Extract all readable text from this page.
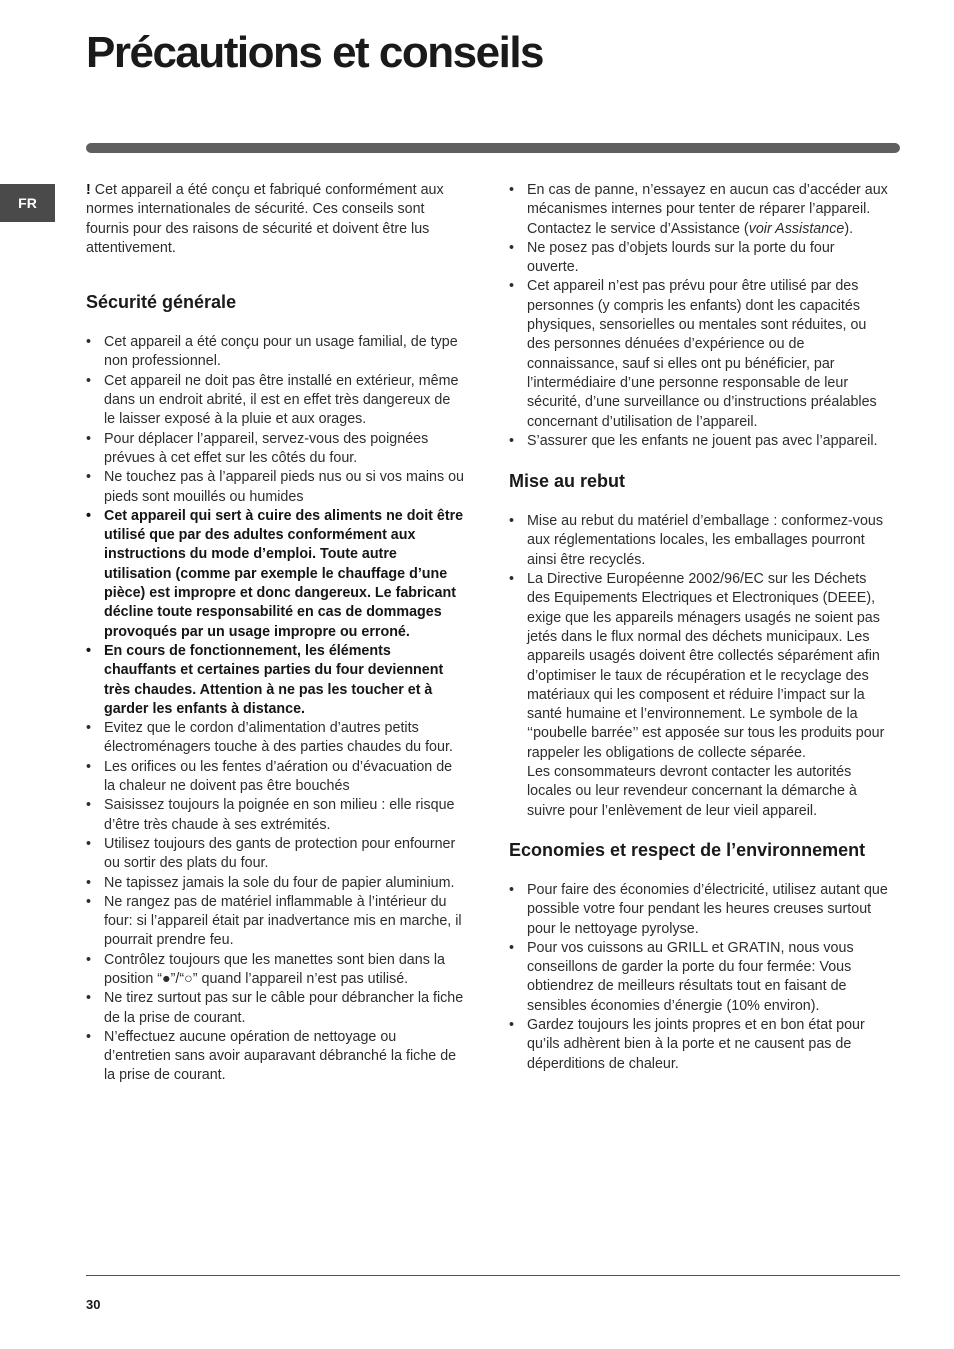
Précautions et conseils
FR

! Cet appareil a été conçu et fabriqué conformément aux normes internationales de sécurité. Ces conseils sont fournis pour des raisons de sécurité et doivent être lus attentivement.

Sécurité générale
• Cet appareil a été conçu pour un usage familial, de type non professionnel.
• Cet appareil ne doit pas être installé en extérieur, même dans un endroit abrité, il est en effet très dangereux de le laisser exposé à la pluie et aux orages.
• Pour déplacer l’appareil, servez-vous des poignées prévues à cet effet sur les côtés du four.
• Ne touchez pas à l’appareil pieds nus ou si vos mains ou pieds sont mouillés ou humides
• Cet appareil qui sert à cuire des aliments ne doit être utilisé que par des adultes conformément aux instructions du mode d’emploi. Toute autre utilisation (comme par exemple le chauffage d’une pièce) est impropre et donc dangereux. Le fabricant décline toute responsabilité en cas de dommages provoqués par un usage impropre ou erroné.
• En cours de fonctionnement, les éléments chauffants et certaines parties du four deviennent très chaudes. Attention à ne pas les toucher et à garder les enfants à distance.
• Evitez que le cordon d’alimentation d’autres petits électroménagers touche à des parties chaudes du four.
• Les orifices ou les fentes d’aération ou d’évacuation de la chaleur ne doivent pas être bouchés
• Saisissez toujours la poignée en son milieu : elle risque d’être très chaude à ses extrémités.
• Utilisez toujours des gants de protection pour enfourner ou sortir des plats du four.
• Ne tapissez jamais la sole du four de papier aluminium.
• Ne rangez pas de matériel inflammable à l’intérieur du four: si l’appareil était par inadvertance mis en marche, il pourrait prendre feu.
• Contrôlez toujours que les manettes sont bien dans la position “●”/“○” quand l’appareil n’est pas utilisé.
• Ne tirez surtout pas sur le câble pour débrancher la fiche de la prise de courant.
• N’effectuez aucune opération de nettoyage ou d’entretien sans avoir auparavant débranché la fiche de la prise de courant.
• En cas de panne, n’essayez en aucun cas d’accéder aux mécanismes internes pour tenter de réparer l’appareil. Contactez le service d’Assistance (voir Assistance).
• Ne posez pas d’objets lourds sur la porte du four ouverte.
• Cet appareil n’est pas prévu pour être utilisé par des personnes (y compris les enfants) dont les capacités physiques, sensorielles ou mentales sont réduites, ou des personnes dénuées d’expérience ou de connaissance, sauf si elles ont pu bénéficier, par l’intermédiaire d’une personne responsable de leur sécurité, d’une surveillance ou d’instructions préalables concernant d’utilisation de l’appareil.
• S’assurer que les enfants ne jouent pas avec l’appareil.
Mise au rebut
• Mise au rebut du matériel d’emballage : conformez-vous aux réglementations locales, les emballages pourront ainsi être recyclés.
• La Directive Européenne 2002/96/EC sur les Déchets des Equipements Electriques et Electroniques (DEEE), exige que les appareils ménagers usagés ne soient pas jetés dans le flux normal des déchets municipaux. Les appareils usagés doivent être collectés séparément afin d’optimiser le taux de récupération et le recyclage des matériaux qui les composent et réduire l’impact sur la santé humaine et l’environnement. Le symbole de la ‘‘poubelle barrée’’ est apposée sur tous les produits pour rappeler les obligations de collecte séparée.
Les consommateurs devront contacter les autorités locales ou leur revendeur concernant la démarche à suivre pour l’enlèvement de leur vieil appareil.
Economies et respect de l’environnement
• Pour faire des économies d’électricité, utilisez autant que possible votre four pendant les heures creuses surtout pour le nettoyage pyrolyse.
• Pour vos cuissons au GRILL et GRATIN, nous vous conseillons de garder la porte du four fermée: Vous obtiendrez de meilleurs résultats tout en faisant de sensibles économies d’énergie (10% environ).
• Gardez toujours les joints propres et en bon état pour qu’ils adhèrent bien à la porte et ne causent pas de déperditions de chaleur.
30
